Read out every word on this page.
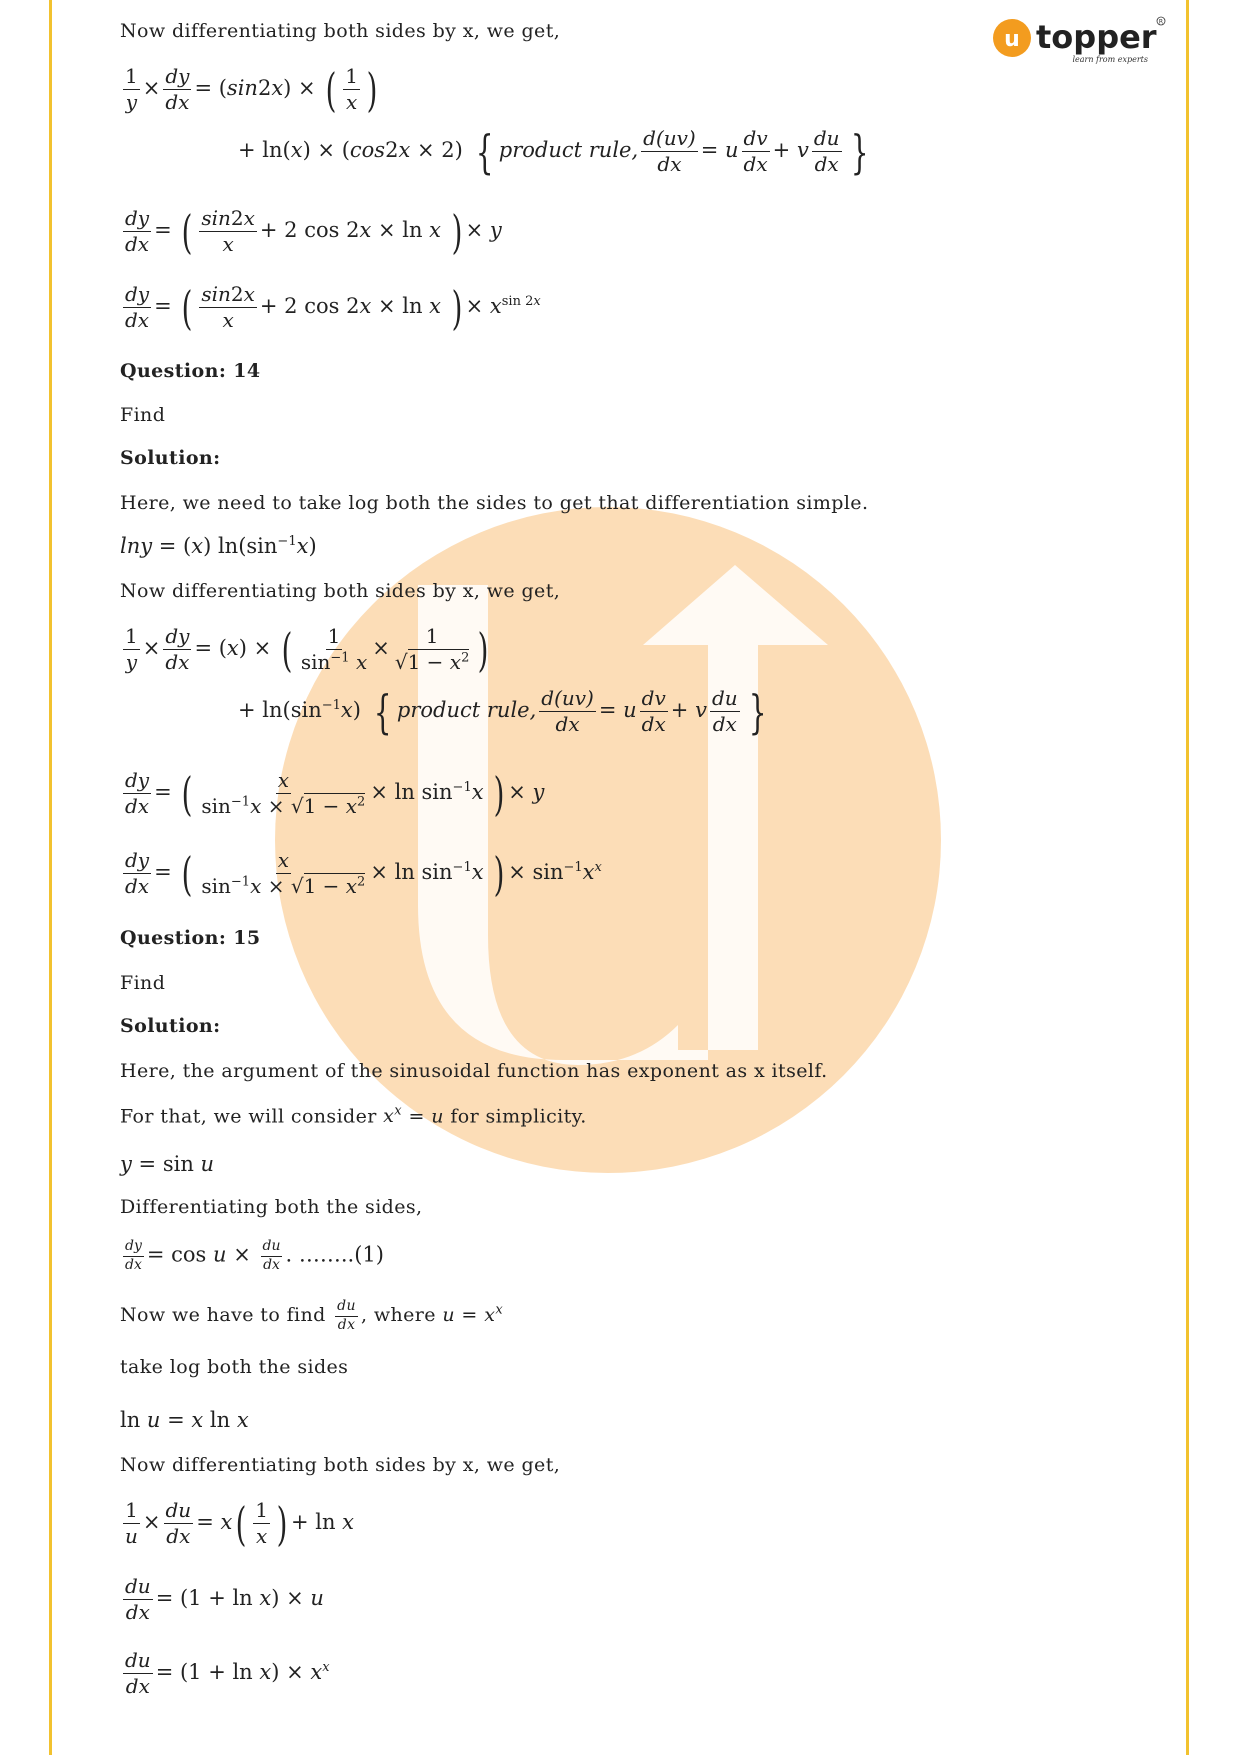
u topper
learn from experts
R
Now differentiating both sides by x, we get,
$\frac{1}{y} \times \frac{dy}{dx} = (\sin 2x)$ × ( $\frac{1}{x}$ )
+ ln(x) × (cos2x × 2) { product rule, $\frac{d(uv)}{dx} = u \frac{dv}{dx} + v \frac{du}{dx}$ }
$\frac{dy}{dx}$ = ( $\frac{\sin 2x}{x} + 2$ cos 2x × ln x ) × y
$\frac{dy}{dx}$ = ( $\frac{\sin 2x}{x} + 2$ cos 2x × ln x ) × $x^{sin 2x}$
Question: 14
Find
Solution:
Here, we need to take log both the sides to get that differentiation simple.
lny = (x) $\ln(\sin^{-1}x)$
Now differentiating both sides by x, we get,
$\frac{1}{y} \times \frac{dy}{dx} = (x)$ × ( $\frac{1}{\sin^{-1} x} \times \frac{1}{√1 - x^2}$ )
+ $\ln(\sin^{-1}x)$ { product rule, $\frac{d(uv)}{dx} = u \frac{dv}{dx} + v \frac{du}{dx}$ }
$\frac{dy}{dx}$ = ( $\frac{x}{\sin^{-1}x \times √1 - x^2} \times \ln \sin^{-1}x$ ) × y
$\frac{dy}{dx}$ = ( $\frac{x}{\sin^{-1}x \times √1 - x^2} \times \ln \sin^{-1}x$ ) × $\sin^{-1}x^x$
Question: 15
Find
Solution:
Here, the argument of the sinusoidal function has exponent as x itself.
For that, we will consider $x^x = u$ for simplicity.
y = sin u
Differentiating both the sides,
$\frac{dy}{dx} = \cos u \times \frac{du}{dx}$ . ……..(1)
Now we have to find $\frac{du}{dx}$ , where $u = x^x$
take log both the sides
ln u = x ln x
Now differentiating both sides by x, we get,
$\frac{1}{u} \times \frac{du}{dx} = x( \frac{1}{x}$ ) + ln x
$\frac{du}{dx} = (1 + \ln x) \times u$
$\frac{du}{dx} = (1 + \ln x) \times x^x$
